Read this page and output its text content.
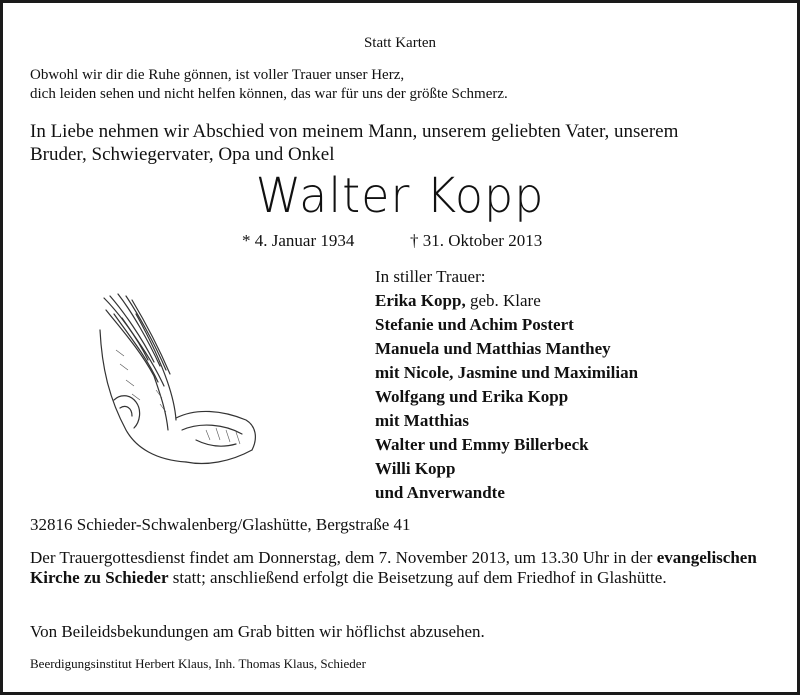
Statt Karten
Obwohl wir dir die Ruhe gönnen, ist voller Trauer unser Herz,
dich leiden sehen und nicht helfen können, das war für uns der größte Schmerz.
In Liebe nehmen wir Abschied von meinem Mann, unserem geliebten Vater, unserem
Bruder, Schwiegervater, Opa und Onkel
Walter Kopp
* 4. Januar 1934	† 31. Oktober 2013
In stiller Trauer:
Erika Kopp, geb. Klare
Stefanie und Achim Postert
Manuela und Matthias Manthey
mit Nicole, Jasmine und Maximilian
Wolfgang und Erika Kopp
mit Matthias
Walter und Emmy Billerbeck
Willi Kopp
und Anverwandte
32816 Schieder-Schwalenberg/Glashütte, Bergstraße 41
Der Trauergottesdienst findet am Donnerstag, dem 7. November 2013, um 13.30 Uhr in der evangelischen Kirche zu Schieder statt; anschließend erfolgt die Beisetzung auf dem Friedhof in Glashütte.
Von Beileidsbekundungen am Grab bitten wir höflichst abzusehen.
Beerdigungsinstitut Herbert Klaus, Inh. Thomas Klaus, Schieder
